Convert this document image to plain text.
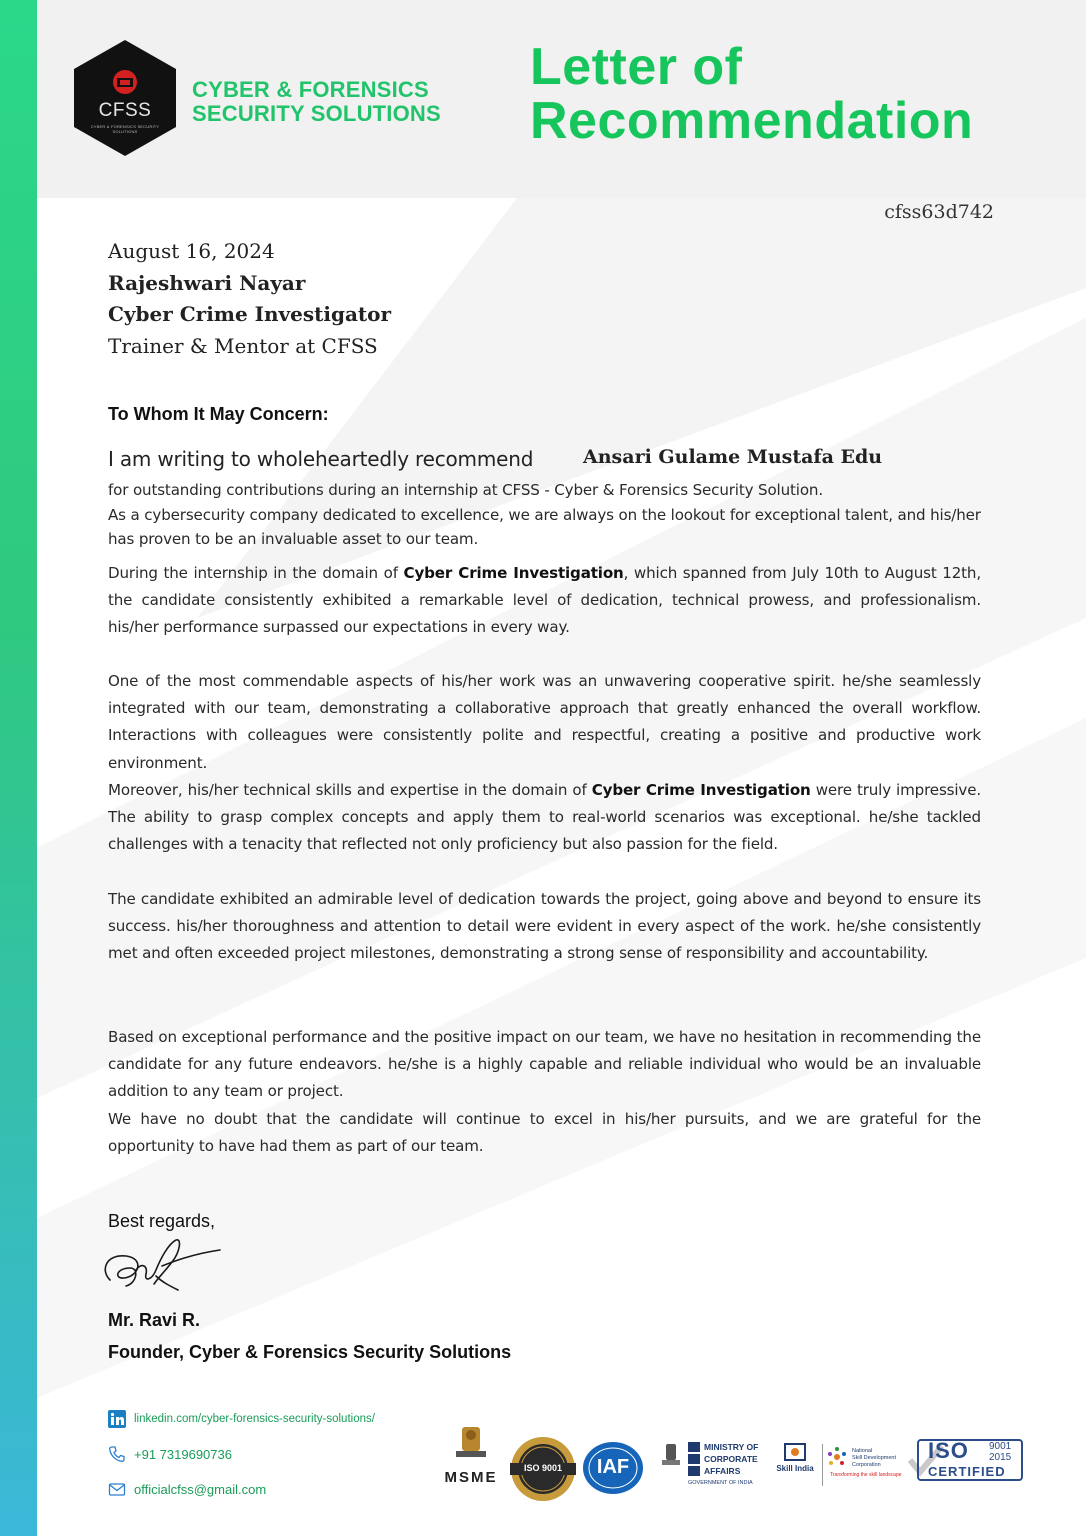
CFSS
CYBER & FORENSICS SECURITY SOLUTIONS
CYBER & FORENSICS
SECURITY SOLUTIONS
Letter of
Recommendation
cfss63d742
August 16, 2024
Rajeshwari Nayar
Cyber Crime Investigator
Trainer & Mentor at CFSS
To Whom It May Concern:
I am writing to wholeheartedly recommend	Ansari Gulame Mustafa Edu

for outstanding contributions during an internship at CFSS - Cyber & Forensics Security Solution.

As a cybersecurity company dedicated to excellence, we are always on the lookout for exceptional talent, and his/her has proven to be an invaluable asset to our team.

During the internship in the domain of Cyber Crime Investigation, which spanned from July 10th to August 12th, the candidate consistently exhibited a remarkable level of dedication, technical prowess, and professionalism. his/her performance surpassed our expectations in every way.

One of the most commendable aspects of his/her work was an unwavering cooperative spirit. he/she seamlessly integrated with our team, demonstrating a collaborative approach that greatly enhanced the overall workflow. Interactions with colleagues were consistently polite and respectful, creating a positive and productive work environment.

Moreover, his/her technical skills and expertise in the domain of Cyber Crime Investigation were truly impressive. The ability to grasp complex concepts and apply them to real-world scenarios was exceptional. he/she tackled challenges with a tenacity that reflected not only proficiency but also passion for the field.

The candidate exhibited an admirable level of dedication towards the project, going above and beyond to ensure its success. his/her thoroughness and attention to detail were evident in every aspect of the work. he/she consistently met and often exceeded project milestones, demonstrating a strong sense of responsibility and accountability.

Based on exceptional performance and the positive impact on our team, we have no hesitation in recommending the candidate for any future endeavors. he/she is a highly capable and reliable individual who would be an invaluable addition to any team or project.

We have no doubt that the candidate will continue to excel in his/her pursuits, and we are grateful for the opportunity to have had them as part of our team.

Best regards,
Mr. Ravi R.
Founder, Cyber & Forensics Security Solutions
linkedin.com/cyber-forensics-security-solutions/
+91 7319690736
officialcfss@gmail.com
MSME
ISO 9001	IAF
MINISTRY OF
CORPORATE
AFFAIRS
GOVERNMENT OF INDIA
Skill India
National
Skill Development
Corporation
Transforming the skill landscape
ISO 9001
2015
CERTIFIED
